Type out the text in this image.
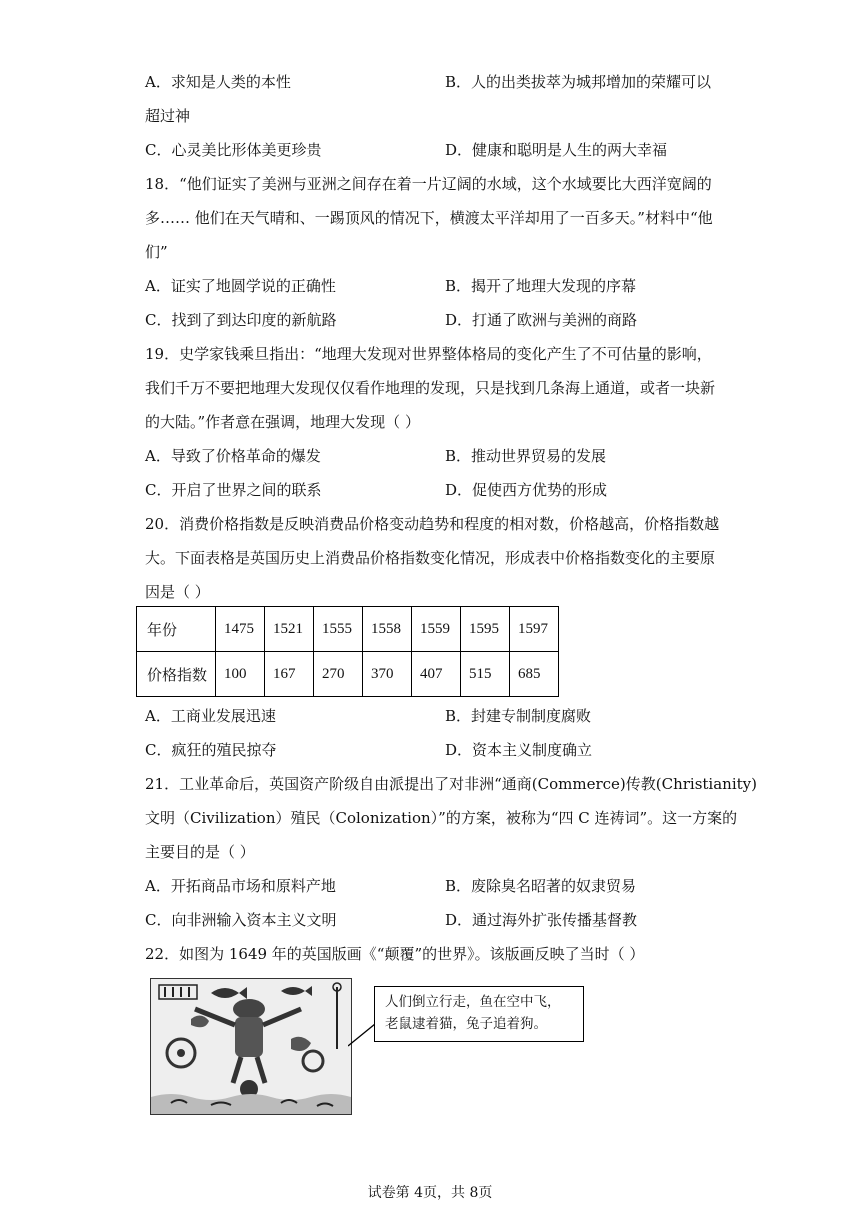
A．求知是人类的本性	B．人的出类拔萃为城邦增加的荣耀可以
超过神
C．心灵美比形体美更珍贵	D．健康和聪明是人生的两大幸福
18．“他们证实了美洲与亚洲之间存在着一片辽阔的水域，这个水域要比大西洋宽阔的
多…… 他们在天气晴和、一踢顶风的情况下，横渡太平洋却用了一百多天。”材料中“他
们”
A．证实了地圆学说的正确性	B．揭开了地理大发现的序幕
C．找到了到达印度的新航路	D．打通了欧洲与美洲的商路
19．史学家钱乘旦指出：“地理大发现对世界整体格局的变化产生了不可估量的影响，
我们千万不要把地理大发现仅仅看作地理的发现，只是找到几条海上通道，或者一块新
的大陆。”作者意在强调，地理大发现（ ）
A．导致了价格革命的爆发	B．推动世界贸易的发展
C．开启了世界之间的联系	D．促使西方优势的形成
20．消费价格指数是反映消费品价格变动趋势和程度的相对数，价格越高，价格指数越
大。下面表格是英国历史上消费品价格指数变化情况，形成表中价格指数变化的主要原
因是（ ）
年份	1475	1521	1555	1558	1559	1595	1597
价格指数	100	167	270	370	407	515	685
A．工商业发展迅速	B．封建专制制度腐败
C．疯狂的殖民掠夺	D．资本主义制度确立
21．工业革命后，英国资产阶级自由派提出了对非洲“通商(Commerce)传教(Christianity)
文明（Civilization）殖民（Colonization）”的方案，被称为“四 C 连祷词”。这一方案的
主要目的是（ ）
A．开拓商品市场和原料产地	B．废除臭名昭著的奴隶贸易
C．向非洲输入资本主义文明	D．通过海外扩张传播基督教
22．如图为 1649 年的英国版画《“颠覆”的世界》。该版画反映了当时（ ）
人们倒立行走，鱼在空中飞，
老鼠逮着猫，兔子追着狗。
试卷第 4页，共 8页
